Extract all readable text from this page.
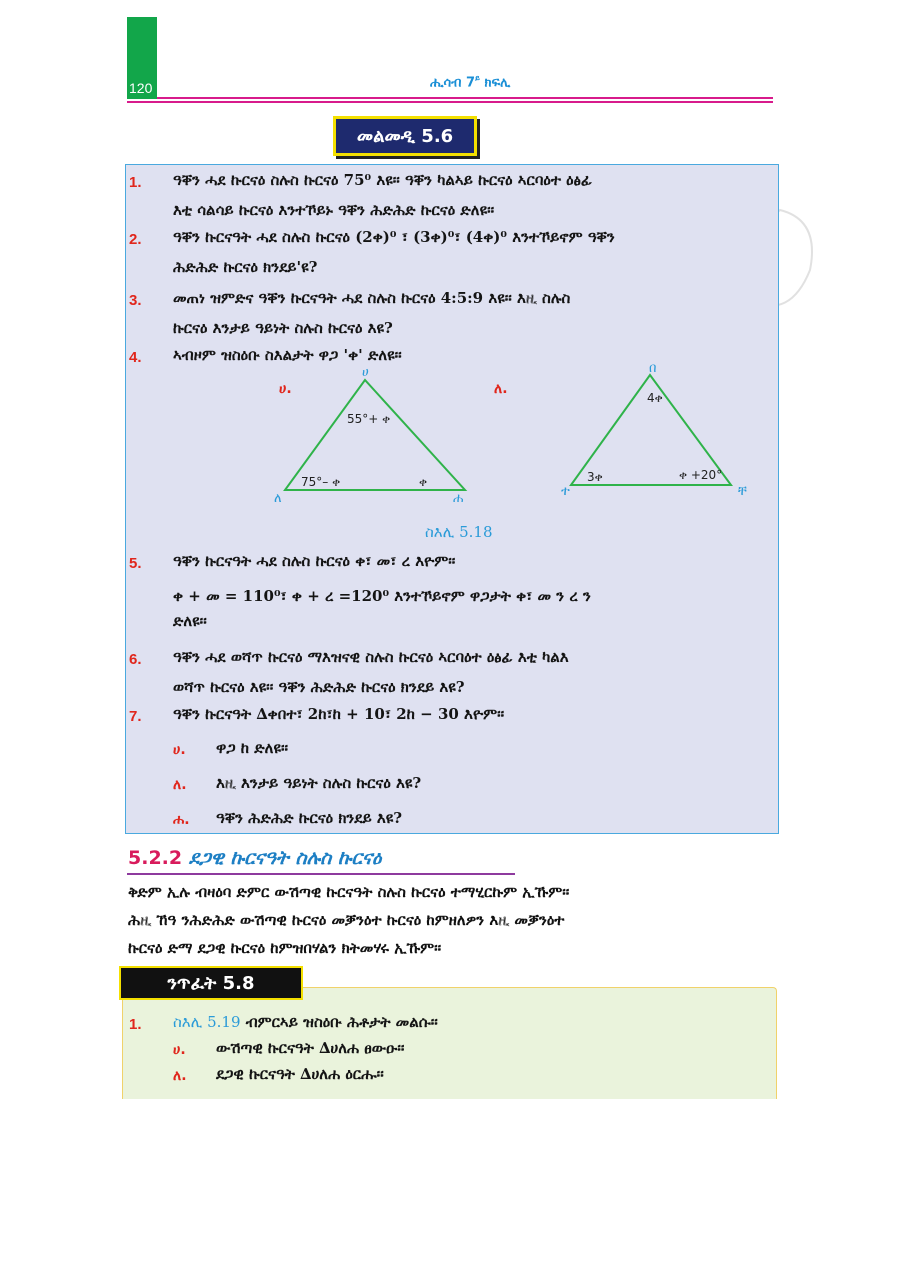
120	ሒሳብ $7^ይ$ ክፍሊ
መልመዲ 5.6
1. ዓቐን ሓደ ኩርናዕ ስሉስ ኩርናዕ 75⁰ እዩ፡፡ ዓቐን ካልኣይ ኩርናዕ ኣርባዕተ ዕፅፊ
እቲ ሳልሳይ ኩርናዕ እንተኾይኑ ዓቐን ሕድሕድ ኩርናዕ ድለዩ፡፡
2. ዓቐን ኩርናዓት ሓደ ስሉስ ኩርናዕ (2ቀ)⁰ ፣ (3ቀ)⁰፣ (4ቀ)⁰ እንተኾይኖም ዓቐን
ሕድሕድ ኩርናዕ ክንደይ'ዩ?
3. መጠነ ዝምድና ዓቐን ኩርናዓት ሓደ ስሉስ ኩርናዕ 4:5:9 እዩ፡፡ እዚ ስሉስ
ኩርናዕ እንታይ ዓይነት ስሉስ ኩርናዕ እዩ?
4. ኣብዞም ዝስዕቡ ስእልታት ዋጋ 'ቀ' ድለዩ፡፡
ሀ.
ሀ
ለ	ሐ
55°+ ቀ
75°– ቀ	ቀ
ለ.
በ
ተ	ቸ
4ቀ
3ቀ	ቀ +20°
ስእሊ 5.18
5. ዓቐን ኩርናዓት ሓደ ስሉስ ኩርናዕ ቀ፣ መ፣ ረ እዮም፡፡
ቀ + መ = 110⁰፣ ቀ + ረ =120⁰ እንተኾይኖም ዋጋታት ቀ፣ መ ን ረ ን
ድለዩ፡፡
6. ዓቐን ሓደ ወሻጥ ኩርናዕ ማእዝናዊ ስሉስ ኩርናዕ ኣርባዕተ ዕፅፊ እቲ ካልእ
ወሻጥ ኩርናዕ እዩ፡፡ ዓቐን ሕድሕድ ኩርናዕ ክንደይ እዩ?
7. ዓቐን ኩርናዓት ∆ቀበተ፣ 2ከ፣ከ + 10፣ 2ከ − 30 እዮም፡፡
ሀ. ዋጋ ከ ድለዩ፡፡
ለ. እዚ እንታይ ዓይነት ስሉስ ኩርናዕ እዩ?
ሐ. ዓቐን ሕድሕድ ኩርናዕ ክንደይ እዩ?
5.2.2 ደጋዊ ኩርናዓት ስሉስ ኩርናዕ
ቅድም ኢሉ ብዛዕባ ድምር ውሽጣዊ ኩርናዓት ስሉስ ኩርናዕ ተማሂርኩም ኢኹም፡፡
ሕዚ ኸዓ ንሕድሕድ ውሽጣዊ ኩርናዕ መቓንዕተ ኩርናዕ ከምዘለዎን እዚ መቓንዕተ
ኩርናዕ ድማ ደጋዊ ኩርናዕ ከምዝበሃልን ክትመሃሩ ኢኹም፡፡
ንጥፈት 5.8
1. ስእሊ 5.19 ብምርኣይ ዝስዕቡ ሕቶታት መልሱ፡፡
ሀ. ውሽጣዊ ኩርናዓት ∆ሀለሐ ፀውዑ፡፡
ለ. ደጋዊ ኩርናዓት ∆ሀለሐ ዕርሑ፡፡
